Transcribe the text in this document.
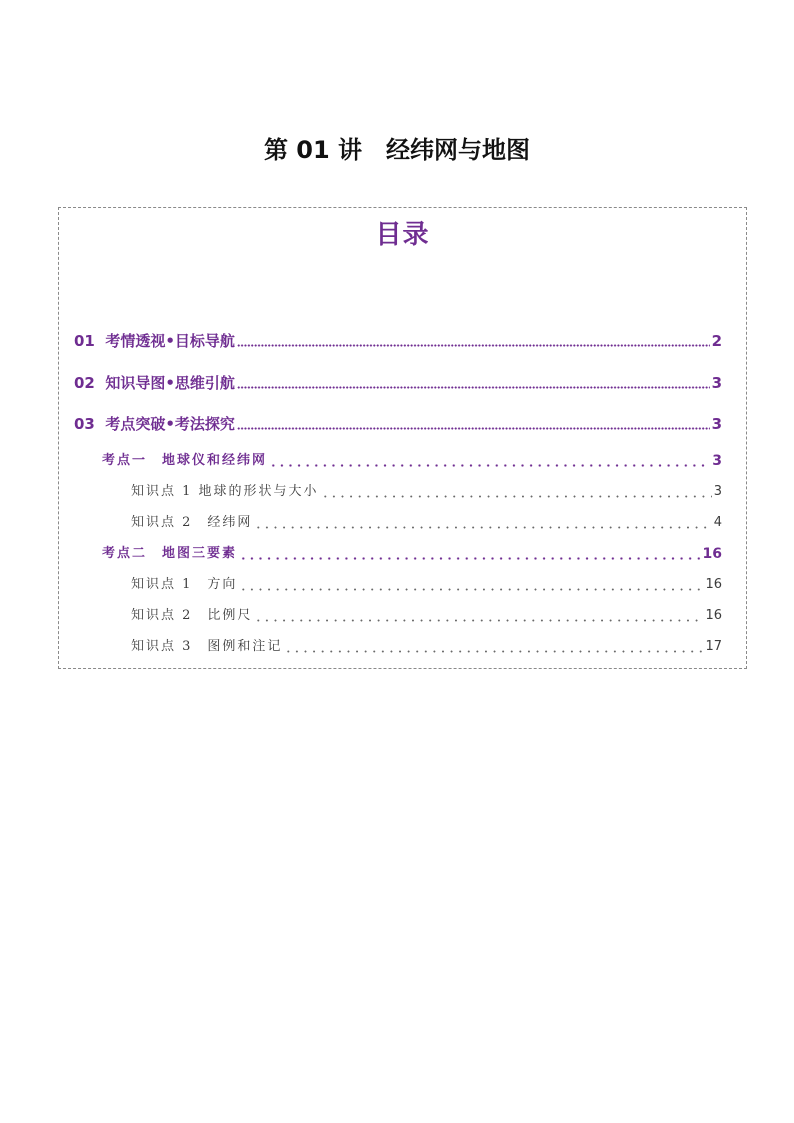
第 01 讲　经纬网与地图
目录
01  考情透视•目标导航	2
02  知识导图•思维引航	3
03  考点突破•考法探究	3
考点一　地球仪和经纬网	3
知识点 1 地球的形状与大小	3
知识点 2　经纬网	4
考点二　地图三要素	16
知识点 1　方向	16
知识点 2　比例尺	16
知识点 3　图例和注记	17
